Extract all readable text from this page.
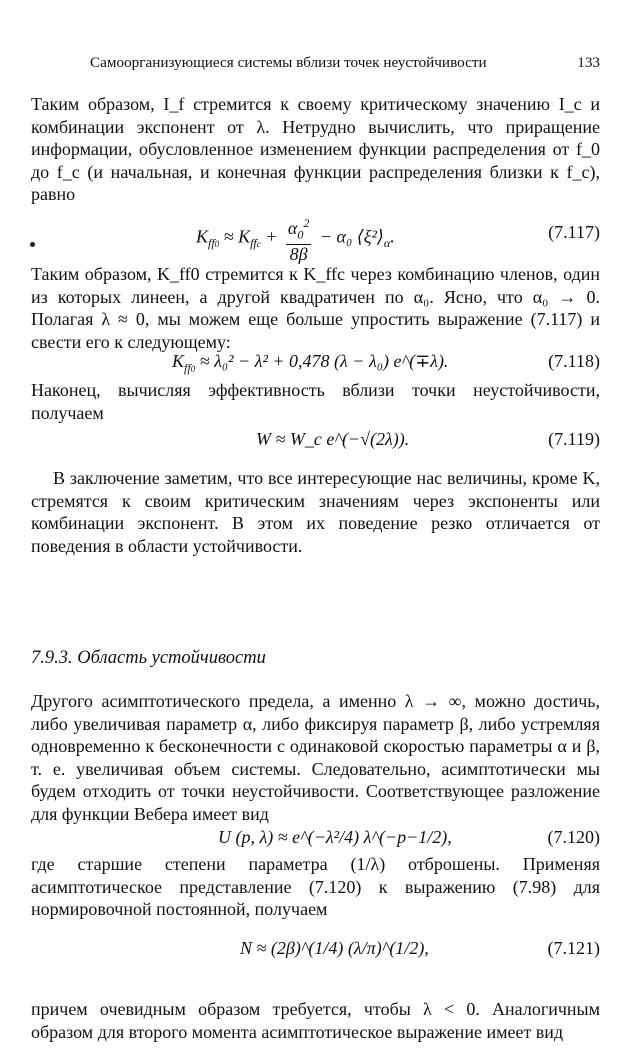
Самоорганизующиеся системы вблизи точек неустойчивости	133

Таким образом, I_f стремится к своему критическому значению I_c и комбинации экспонент от λ. Нетрудно вычислить, что приращение информации, обусловленное изменением функции распределения от f_0 до f_c (и начальная, и конечная функции распределения близки к f_c), равно

$K_{ff0} \approx K_{ffc} + \frac{\alpha_0^2}{8\beta} - \alpha_0$ $⟨\xi^2⟩_\alpha$.	(7.117)

Таким образом, K_ff0 стремится к K_ffc через комбинацию членов, один из которых линеен, а другой квадратичен по α₀. Ясно, что α₀ → 0. Полагая λ ≈ 0, мы можем еще больше упростить выражение (7.117) и свести его к следующему:

$K_{ff0} \approx \lambda_0^2 - \lambda^2 + 0,478$ (λ − λ₀) e^(∓λ).	(7.118)

Наконец, вычисляя эффективность вблизи точки неустойчивости, получаем

W ≈ W_c e^(−√(2λ)).	(7.119)

В заключение заметим, что все интересующие нас величины, кроме K, стремятся к своим критическим значениям через экспоненты или комбинации экспонент. В этом их поведение резко отличается от поведения в области устойчивости.

7.9.3. Область устойчивости

Другого асимптотического предела, а именно λ → ∞, можно достичь, либо увеличивая параметр α, либо фиксируя параметр β, либо устремляя одновременно к бесконечности с одинаковой скоростью параметры α и β, т. е. увеличивая объем системы. Следовательно, асимптотически мы будем отходить от точки неустойчивости. Соответствующее разложение для функции Вебера имеет вид

U (p, λ) ≈ e^(−λ²/4) λ^(−p−1/2),	(7.120)

где старшие степени параметра (1/λ) отброшены. Применяя асимптотическое представление (7.120) к выражению (7.98) для нормировочной постоянной, получаем

N ≈ (2β)^(1/4) (λ/π)^(1/2),	(7.121)

причем очевидным образом требуется, чтобы λ < 0. Аналогичным образом для второго момента асимптотическое выражение имеет вид
